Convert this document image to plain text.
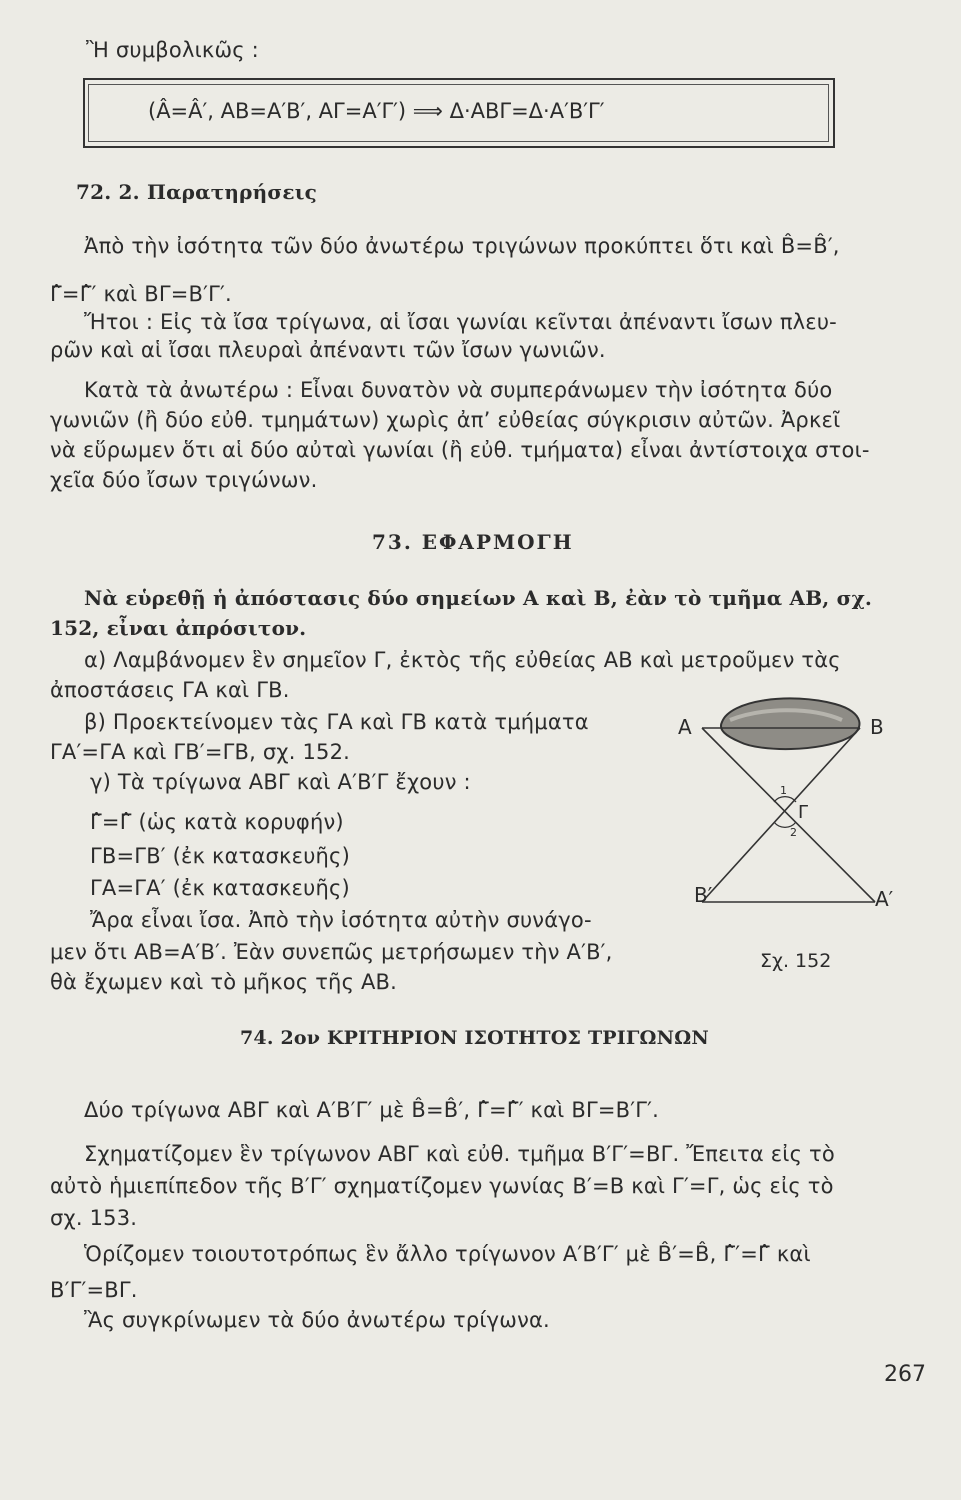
Ἢ συμβολικῶς :
(Â=Â′, ΑΒ=Α′Β′, ΑΓ=Α′Γ′) ⟹ Δ·ΑΒΓ=Δ·Α′Β′Γ′
72. 2. Παρατηρήσεις
Ἀπὸ τὴν ἰσότητα τῶν δύο ἀνωτέρω τριγώνων προκύπτει ὅτι καὶ B̂=B̂′,
Γ̂=Γ̂′ καὶ ΒΓ=Β′Γ′.
Ἤτοι : Εἰς τὰ ἴσα τρίγωνα, αἱ ἴσαι γωνίαι κεῖνται ἀπέναντι ἴσων πλευ-
ρῶν καὶ αἱ ἴσαι πλευραὶ ἀπέναντι τῶν ἴσων γωνιῶν.
Κατὰ τὰ ἀνωτέρω : Εἶναι δυνατὸν νὰ συμπεράνωμεν τὴν ἰσότητα δύο
γωνιῶν (ἢ δύο εὐθ. τμημάτων) χωρὶς ἀπ’ εὐθείας σύγκρισιν αὐτῶν. Ἀρκεῖ
νὰ εὕρωμεν ὅτι αἱ δύο αὐταὶ γωνίαι (ἢ εὐθ. τμήματα) εἶναι ἀντίστοιχα στοι-
χεῖα δύο ἴσων τριγώνων.
73. ΕΦΑΡΜΟΓΗ
Νὰ εὑρεθῇ ἡ ἀπόστασις δύο σημείων Α καὶ Β, ἐὰν τὸ τμῆμα ΑΒ, σχ.
152, εἶναι ἀπρόσιτον.
α) Λαμβάνομεν ἓν σημεῖον Γ, ἐκτὸς τῆς εὐθείας ΑΒ καὶ μετροῦμεν τὰς
ἀποστάσεις ΓΑ καὶ ΓΒ.
β) Προεκτείνομεν τὰς ΓΑ καὶ ΓΒ κατὰ τμήματα
ΓΑ′=ΓΑ καὶ ΓΒ′=ΓΒ, σχ. 152.
γ) Τὰ τρίγωνα ΑΒΓ καὶ Α′Β′Γ ἔχουν :
Γ̂=Γ̂ (ὡς κατὰ κορυφήν)
ΓΒ=ΓΒ′ (ἐκ κατασκευῆς)
ΓΑ=ΓΑ′ (ἐκ κατασκευῆς)
Ἄρα εἶναι ἴσα. Ἀπὸ τὴν ἰσότητα αὐτὴν συνάγο-
μεν ὅτι ΑΒ=Α′Β′. Ἐὰν συνεπῶς μετρήσωμεν τὴν Α′Β′,
θὰ ἔχωμεν καὶ τὸ μῆκος τῆς ΑΒ.
A	B
Γ
1
2
B′	A′
Σχ. 152
74. 2ον ΚΡΙΤΗΡΙΟΝ ΙΣΟΤΗΤΟΣ ΤΡΙΓΩΝΩΝ
Δύο τρίγωνα ΑΒΓ καὶ Α′Β′Γ′ μὲ B̂=B̂′, Γ̂=Γ̂′ καὶ ΒΓ=Β′Γ′.
Σχηματίζομεν ἓν τρίγωνον ΑΒΓ καὶ εὐθ. τμῆμα Β′Γ′=ΒΓ. Ἔπειτα εἰς τὸ
αὐτὸ ἡμιεπίπεδον τῆς Β′Γ′ σχηματίζομεν γωνίας Β′=Β καὶ Γ′=Γ, ὡς εἰς τὸ
σχ. 153.
Ὁρίζομεν τοιουτοτρόπως ἓν ἄλλο τρίγωνον Α′Β′Γ′ μὲ B̂′=B̂, Γ̂′=Γ̂ καὶ
Β′Γ′=ΒΓ.
Ἂς συγκρίνωμεν τὰ δύο ἀνωτέρω τρίγωνα.
267
